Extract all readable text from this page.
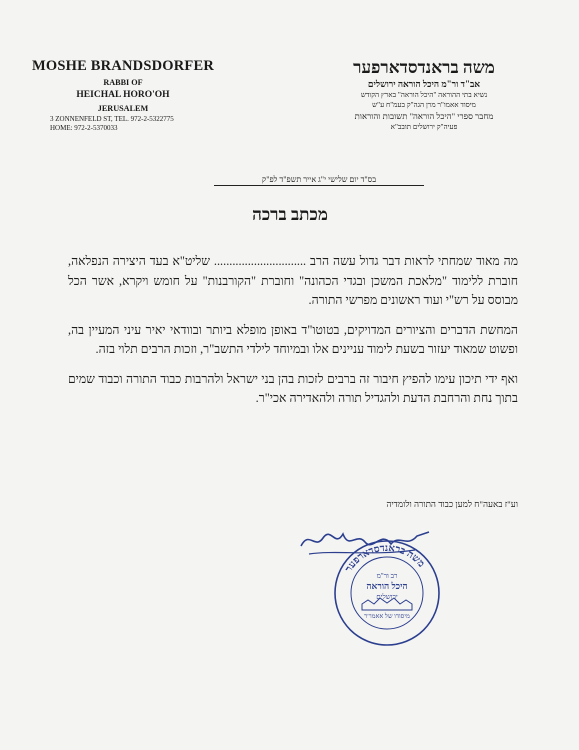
MOSHE BRANDSDORFER
RABBI OF
HEICHAL HORO'OH
JERUSALEM
3 ZONNENFELD ST, TEL. 972-2-5322775
HOME: 972-2-5370033
משה בראנדסדארפער
אב"ד ור"מ היכל הוראה ירושלים
נשיא בתי ההוראה "היכל הוראה" בארץ הקודש
מיסוד אאמו"ר מרן הגה"ק בעמ"ח ע"ש
מחבר ספרי "היכל הוראה" תשובות והוראות
פעיה"ק ירושלים תובב"א
בס"ד יום שלישי י"ג אייר תשפ"ד לפ"ק
מכתב ברכה

מה מאוד שמחתי לראות דבר גדול עשה הרב .............................. שליט"א בעד היצירה הנפלאה, חוברת ללימוד "מלאכת המשכן ובגדי הכהונה" וחוברת "הקורבנות" על חומש ויקרא, אשר הכל מבוסס על רש"י ועוד ראשונים מפרשי התורה.

המחשת הדברים והציורים המדויקים, בטוטו"ד באופן מופלא ביותר ובוודאי יאיר עיני המעיין בה, ופשוט שמאוד יעזור בשעת לימוד עניינים אלו ובמיוחד לילדי התשב"ר, וזכות הרבים תלוי בזה.

ואף ידי תיכון עימו להפיץ חיבור זה ברבים לזכות בהן בני ישראל ולהרבות כבוד התורה וכבוד שמים בתוך נחת והרחבת הדעת ולהגדיל תורה ולהאדירה אכי"ר.

וע"ז באעה"ח למען כבוד התורה ולומדיה
משה בראנדסדארפער
רב ור"מ
היכל הוראה
ירושלים
מיסודו של אאמו"ר
